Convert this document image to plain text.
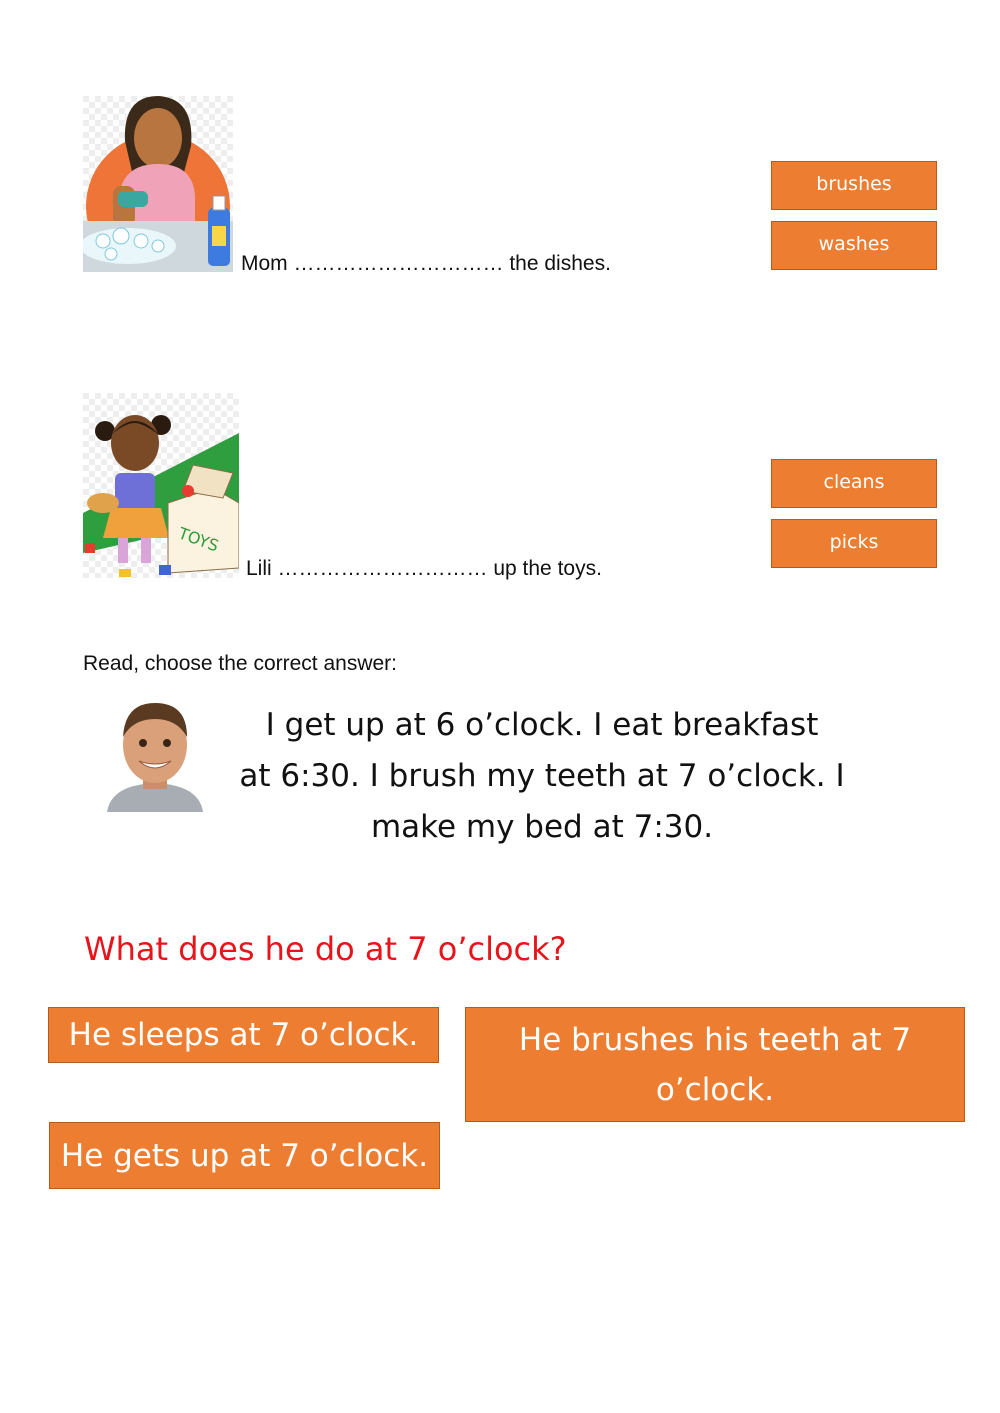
Mom ………………………… the dishes.
brushes
washes
TOYS
Lili ………………………… up the toys.
cleans
picks
Read, choose the correct answer:
I get up at 6 o’clock. I eat breakfast
at 6:30. I brush my teeth at 7 o’clock. I
make my bed at 7:30.
What does he do at 7 o’clock?
He sleeps at 7 o’clock.	He brushes his teeth at 7
o’clock.
He gets up at 7 o’clock.
